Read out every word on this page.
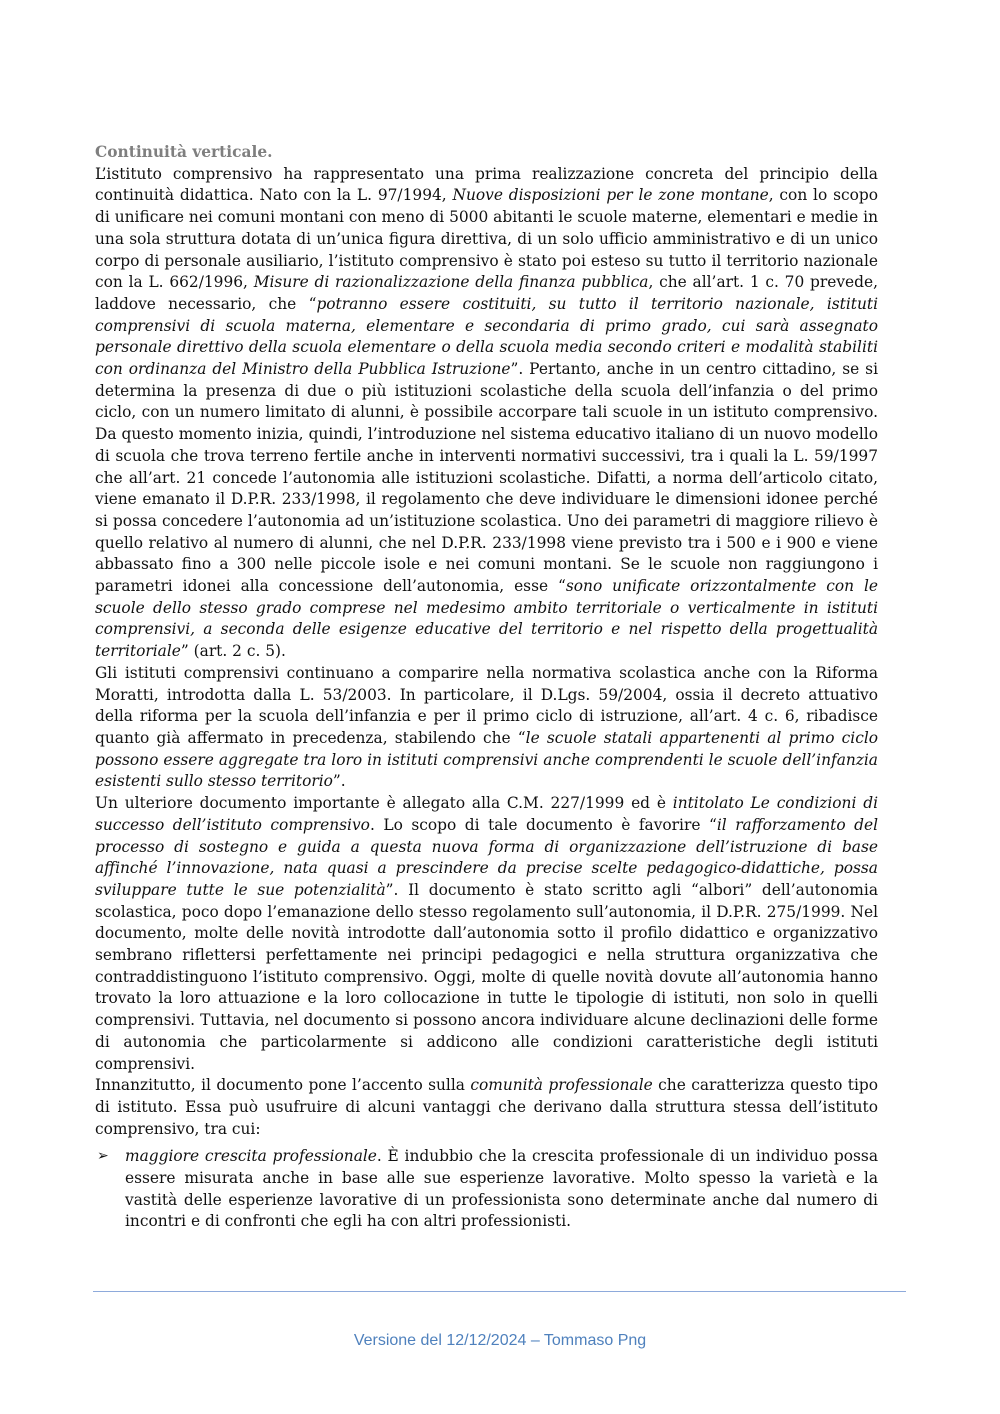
Continuità verticale.

L’istituto comprensivo ha rappresentato una prima realizzazione concreta del principio della continuità didattica. Nato con la L. 97/1994, Nuove disposizioni per le zone montane, con lo scopo di unificare nei comuni montani con meno di 5000 abitanti le scuole materne, elementari e medie in una sola struttura dotata di un’unica figura direttiva, di un solo ufficio amministrativo e di un unico corpo di personale ausiliario, l’istituto comprensivo è stato poi esteso su tutto il territorio nazionale con la L. 662/1996, Misure di razionalizzazione della finanza pubblica, che all’art. 1 c. 70 prevede, laddove necessario, che “potranno essere costituiti, su tutto il territorio nazionale, istituti comprensivi di scuola materna, elementare e secondaria di primo grado, cui sarà assegnato personale direttivo della scuola elementare o della scuola media secondo criteri e modalità stabiliti con ordinanza del Ministro della Pubblica Istruzione”. Pertanto, anche in un centro cittadino, se si determina la presenza di due o più istituzioni scolastiche della scuola dell’infanzia o del primo ciclo, con un numero limitato di alunni, è possibile accorpare tali scuole in un istituto comprensivo. Da questo momento inizia, quindi, l’introduzione nel sistema educativo italiano di un nuovo modello di scuola che trova terreno fertile anche in interventi normativi successivi, tra i quali la L. 59/1997 che all’art. 21 concede l’autonomia alle istituzioni scolastiche. Difatti, a norma dell’articolo citato, viene emanato il D.P.R. 233/1998, il regolamento che deve individuare le dimensioni idonee perché si possa concedere l’autonomia ad un’istituzione scolastica. Uno dei parametri di maggiore rilievo è quello relativo al numero di alunni, che nel D.P.R. 233/1998 viene previsto tra i 500 e i 900 e viene abbassato fino a 300 nelle piccole isole e nei comuni montani. Se le scuole non raggiungono i parametri idonei alla concessione dell’autonomia, esse “sono unificate orizzontalmente con le scuole dello stesso grado comprese nel medesimo ambito territoriale o verticalmente in istituti comprensivi, a seconda delle esigenze educative del territorio e nel rispetto della progettualità territoriale” (art. 2 c. 5).

Gli istituti comprensivi continuano a comparire nella normativa scolastica anche con la Riforma Moratti, introdotta dalla L. 53/2003. In particolare, il D.Lgs. 59/2004, ossia il decreto attuativo della riforma per la scuola dell’infanzia e per il primo ciclo di istruzione, all’art. 4 c. 6, ribadisce quanto già affermato in precedenza, stabilendo che “le scuole statali appartenenti al primo ciclo possono essere aggregate tra loro in istituti comprensivi anche comprendenti le scuole dell’infanzia esistenti sullo stesso territorio”.

Un ulteriore documento importante è allegato alla C.M. 227/1999 ed è intitolato Le condizioni di successo dell’istituto comprensivo. Lo scopo di tale documento è favorire “il rafforzamento del processo di sostegno e guida a questa nuova forma di organizzazione dell’istruzione di base affinché l’innovazione, nata quasi a prescindere da precise scelte pedagogico-didattiche, possa sviluppare tutte le sue potenzialità”. Il documento è stato scritto agli “albori” dell’autonomia scolastica, poco dopo l’emanazione dello stesso regolamento sull’autonomia, il D.P.R. 275/1999. Nel documento, molte delle novità introdotte dall’autonomia sotto il profilo didattico e organizzativo sembrano riflettersi perfettamente nei principi pedagogici e nella struttura organizzativa che contraddistinguono l’istituto comprensivo. Oggi, molte di quelle novità dovute all’autonomia hanno trovato la loro attuazione e la loro collocazione in tutte le tipologie di istituti, non solo in quelli comprensivi. Tuttavia, nel documento si possono ancora individuare alcune declinazioni delle forme di autonomia che particolarmente si addicono alle condizioni caratteristiche degli istituti comprensivi.

Innanzitutto, il documento pone l’accento sulla comunità professionale che caratterizza questo tipo di istituto. Essa può usufruire di alcuni vantaggi che derivano dalla struttura stessa dell’istituto comprensivo, tra cui:

➢ maggiore crescita professionale. È indubbio che la crescita professionale di un individuo possa essere misurata anche in base alle sue esperienze lavorative. Molto spesso la varietà e la vastità delle esperienze lavorative di un professionista sono determinate anche dal numero di incontri e di confronti che egli ha con altri professionisti.

Versione del 12/12/2024 – Tommaso Png
